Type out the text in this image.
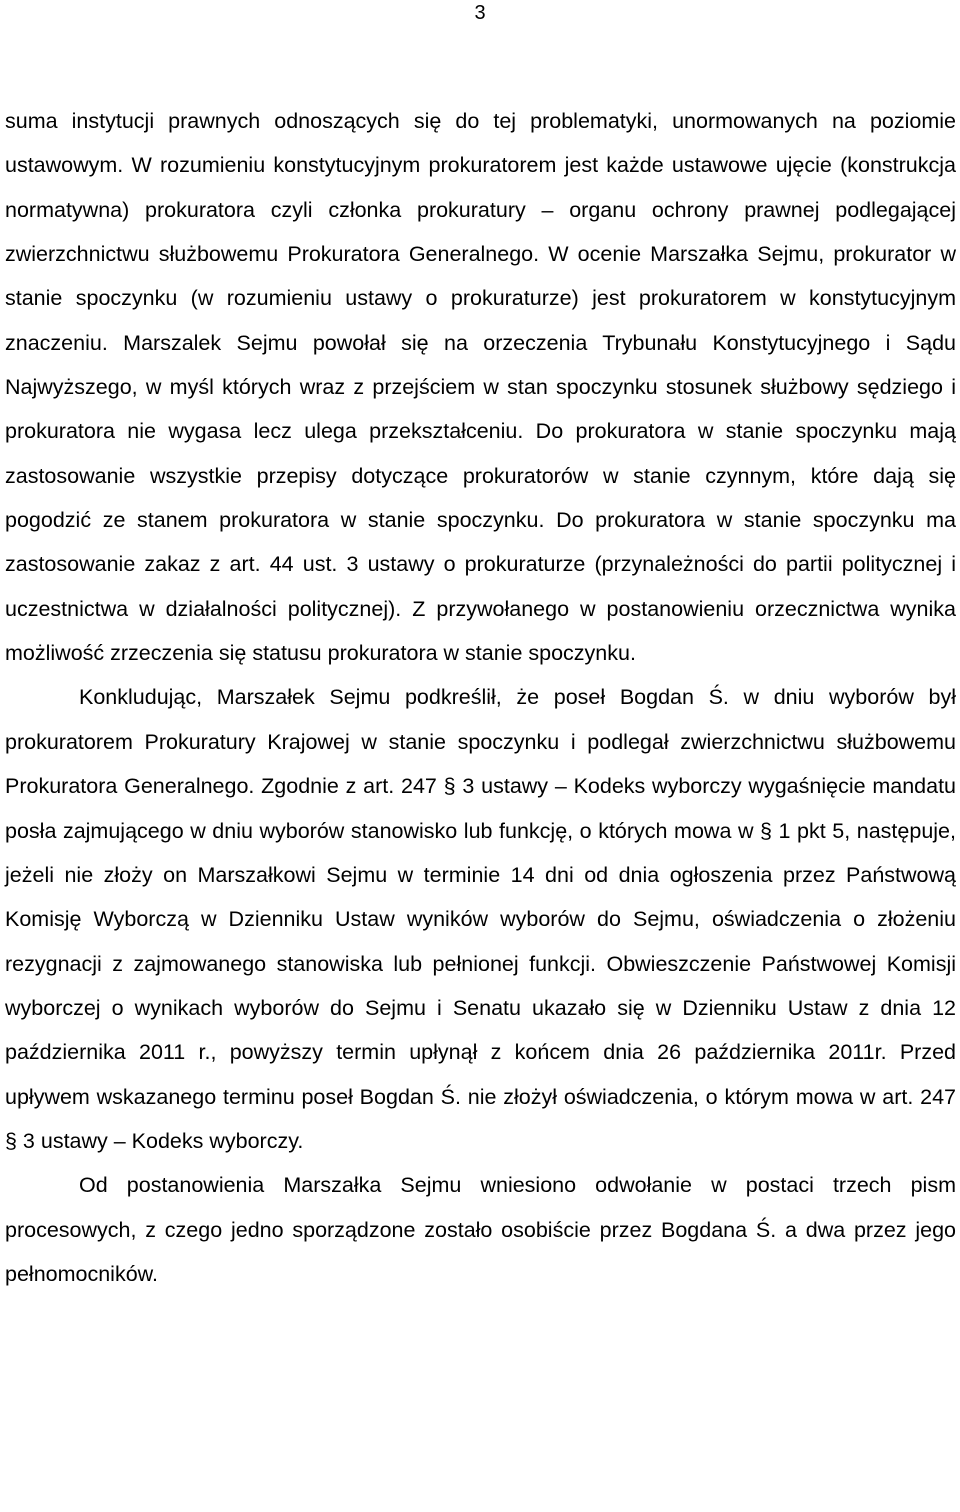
3

suma instytucji prawnych odnoszących się do tej problematyki, unormowanych na poziomie ustawowym. W rozumieniu konstytucyjnym prokuratorem jest każde ustawowe ujęcie (konstrukcja normatywna) prokuratora czyli członka prokuratury – organu ochrony prawnej podlegającej zwierzchnictwu służbowemu Prokuratora Generalnego. W ocenie Marszałka Sejmu, prokurator w stanie spoczynku (w rozumieniu ustawy o prokuraturze) jest prokuratorem w konstytucyjnym znaczeniu. Marszalek Sejmu powołał się na orzeczenia Trybunału Konstytucyjnego i Sądu Najwyższego, w myśl których wraz z przejściem w stan spoczynku stosunek służbowy sędziego i prokuratora nie wygasa lecz ulega przekształceniu. Do prokuratora w stanie spoczynku mają zastosowanie wszystkie przepisy dotyczące prokuratorów w stanie czynnym, które dają się pogodzić ze stanem prokuratora w stanie spoczynku. Do prokuratora w stanie spoczynku ma zastosowanie zakaz z art. 44 ust. 3 ustawy o prokuraturze (przynależności do partii politycznej i uczestnictwa w działalności politycznej). Z przywołanego w postanowieniu orzecznictwa wynika możliwość zrzeczenia się statusu prokuratora w stanie spoczynku.

Konkludując, Marszałek Sejmu podkreślił, że poseł Bogdan Ś. w dniu wyborów był prokuratorem Prokuratury Krajowej w stanie spoczynku i podlegał zwierzchnictwu służbowemu Prokuratora Generalnego. Zgodnie z art. 247 § 3 ustawy – Kodeks wyborczy wygaśnięcie mandatu posła zajmującego w dniu wyborów stanowisko lub funkcję, o których mowa w § 1 pkt 5, następuje, jeżeli nie złoży on Marszałkowi Sejmu w terminie 14 dni od dnia ogłoszenia przez Państwową Komisję Wyborczą w Dzienniku Ustaw wyników wyborów do Sejmu, oświadczenia o złożeniu rezygnacji z zajmowanego stanowiska lub pełnionej funkcji. Obwieszczenie Państwowej Komisji wyborczej o wynikach wyborów do Sejmu i Senatu ukazało się w Dzienniku Ustaw z dnia 12 października 2011 r., powyższy termin upłynął z końcem dnia 26 października 2011r. Przed upływem wskazanego terminu poseł Bogdan Ś. nie złożył oświadczenia, o którym mowa w art. 247 § 3 ustawy – Kodeks wyborczy.

Od postanowienia Marszałka Sejmu wniesiono odwołanie w postaci trzech pism procesowych, z czego jedno sporządzone zostało osobiście przez Bogdana Ś. a dwa przez jego pełnomocników.
